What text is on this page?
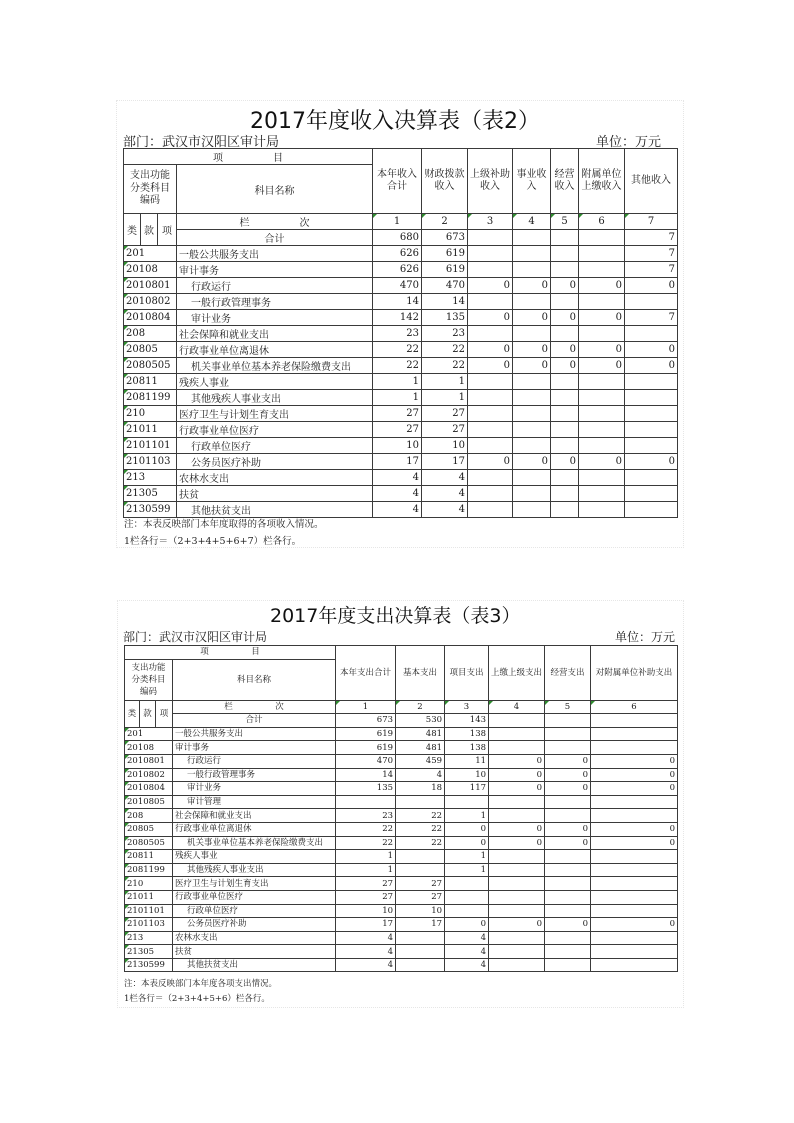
2017年度收入决算表（表2）
部门：武汉市汉阳区审计局	单位：万元
项　　　　　目				本年收入合计	财政拨款收入	上级补助收入	事业收入	经营收入	附属单位上缴收入	其他收入
支出功能分类科目编码			科目名称							
类	款	项	栏　　　　　次	1	2	3	4	5	6	7
			合计	680	673					7
201			一般公共服务支出	626	619					7
20108			审计事务	626	619					7
2010801			行政运行	470	470	0	0	0	0	0
2010802			一般行政管理事务	14	14					
2010804			审计业务	142	135	0	0	0	0	7
208			社会保障和就业支出	23	23					
20805			行政事业单位离退休	22	22	0	0	0	0	0
2080505			机关事业单位基本养老保险缴费支出	22	22	0	0	0	0	0
20811			残疾人事业	1	1					
2081199			其他残疾人事业支出	1	1					
210			医疗卫生与计划生育支出	27	27					
21011			行政事业单位医疗	27	27					
2101101			行政单位医疗	10	10					
2101103			公务员医疗补助	17	17	0	0	0	0	0
213			农林水支出	4	4					
21305			扶贫	4	4					
2130599			其他扶贫支出	4	4					
注：本表反映部门本年度取得的各项收入情况。
1栏各行＝（2+3+4+5+6+7）栏各行。
2017年度支出决算表（表3）
部门：武汉市汉阳区审计局	单位：万元
项　　　　　目				本年支出合计	基本支出	项目支出	上缴上级支出	经营支出	对附属单位补助支出
支出功能分类科目编码			科目名称						
类	款	项	栏　　　　　次	1	2	3	4	5	6
			合计	673	530	143			
201			一般公共服务支出	619	481	138			
20108			审计事务	619	481	138			
2010801			行政运行	470	459	11	0	0	0
2010802			一般行政管理事务	14	4	10	0	0	0
2010804			审计业务	135	18	117	0	0	0
2010805			审计管理						
208			社会保障和就业支出	23	22	1			
20805			行政事业单位离退休	22	22	0	0	0	0
2080505			机关事业单位基本养老保险缴费支出	22	22	0	0	0	0
20811			残疾人事业	1		1			
2081199			其他残疾人事业支出	1		1			
210			医疗卫生与计划生育支出	27	27				
21011			行政事业单位医疗	27	27				
2101101			行政单位医疗	10	10				
2101103			公务员医疗补助	17	17	0	0	0	0
213			农林水支出	4		4			
21305			扶贫	4		4			
2130599			其他扶贫支出	4		4			
注：本表反映部门本年度各项支出情况。
1栏各行＝（2+3+4+5+6）栏各行。
